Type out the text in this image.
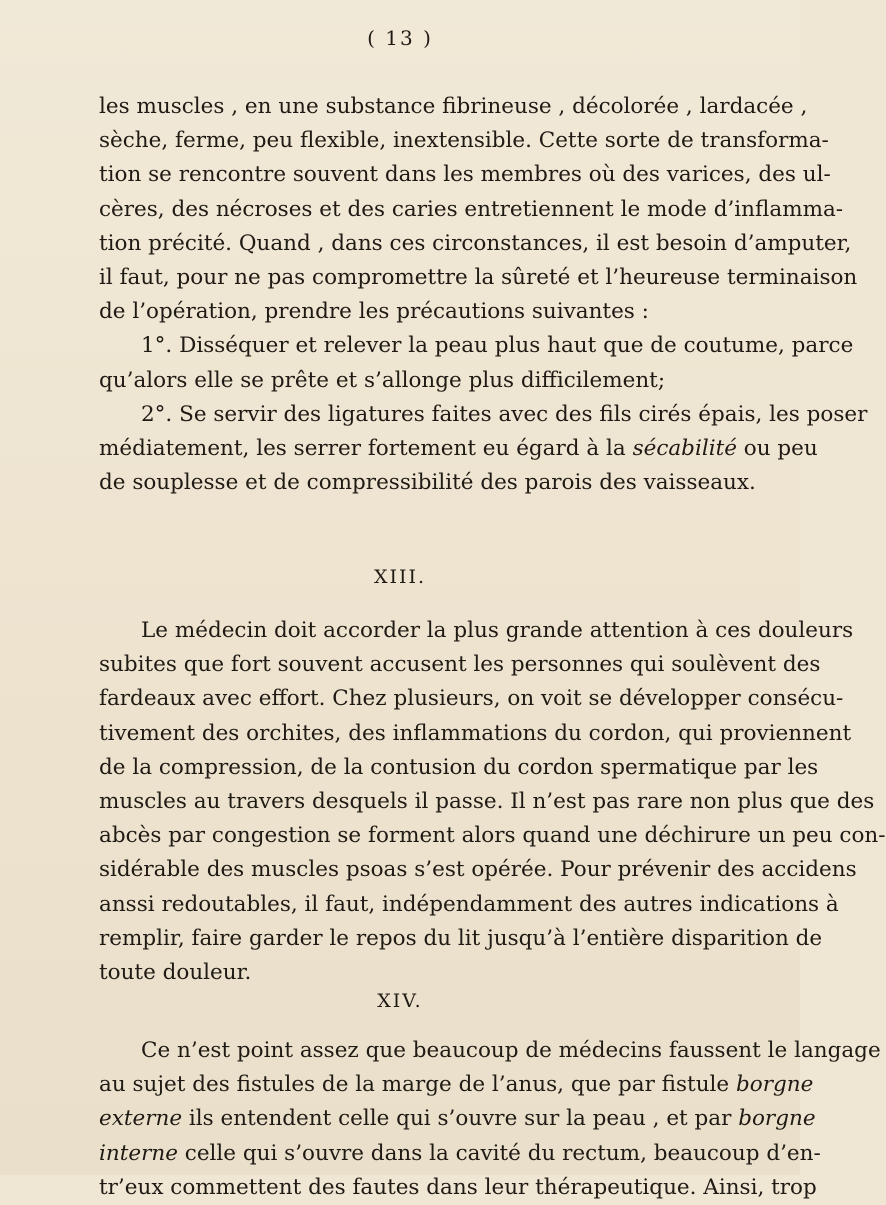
( 13 )
les muscles , en une substance fibrineuse , décolorée , lardacée ,
sèche, ferme, peu flexible, inextensible. Cette sorte de transforma-
tion se rencontre souvent dans les membres où des varices, des ul-
cères, des nécroses et des caries entretiennent le mode d’inflamma-
tion précité. Quand , dans ces circonstances, il est besoin d’amputer,
il faut, pour ne pas compromettre la sûreté et l’heureuse terminaison
de l’opération, prendre les précautions suivantes :
1°. Disséquer et relever la peau plus haut que de coutume, parce
qu’alors elle se prête et s’allonge plus difficilement;
2°. Se servir des ligatures faites avec des fils cirés épais, les poser
médiatement, les serrer fortement eu égard à la sécabilité ou peu
de souplesse et de compressibilité des parois des vaisseaux.
XIII.
Le médecin doit accorder la plus grande attention à ces douleurs
subites que fort souvent accusent les personnes qui soulèvent des
fardeaux avec effort. Chez plusieurs, on voit se développer consécu-
tivement des orchites, des inflammations du cordon, qui proviennent
de la compression, de la contusion du cordon spermatique par les
muscles au travers desquels il passe. Il n’est pas rare non plus que des
abcès par congestion se forment alors quand une déchirure un peu con-
sidérable des muscles psoas s’est opérée. Pour prévenir des accidens
anssi redoutables, il faut, indépendamment des autres indications à
remplir, faire garder le repos du lit jusqu’à l’entière disparition de
toute douleur.
XIV.
Ce n’est point assez que beaucoup de médecins faussent le langage
au sujet des fistules de la marge de l’anus, que par fistule borgne
externe ils entendent celle qui s’ouvre sur la peau , et par borgne
interne celle qui s’ouvre dans la cavité du rectum, beaucoup d’en-
tr’eux commettent des fautes dans leur thérapeutique. Ainsi, trop
